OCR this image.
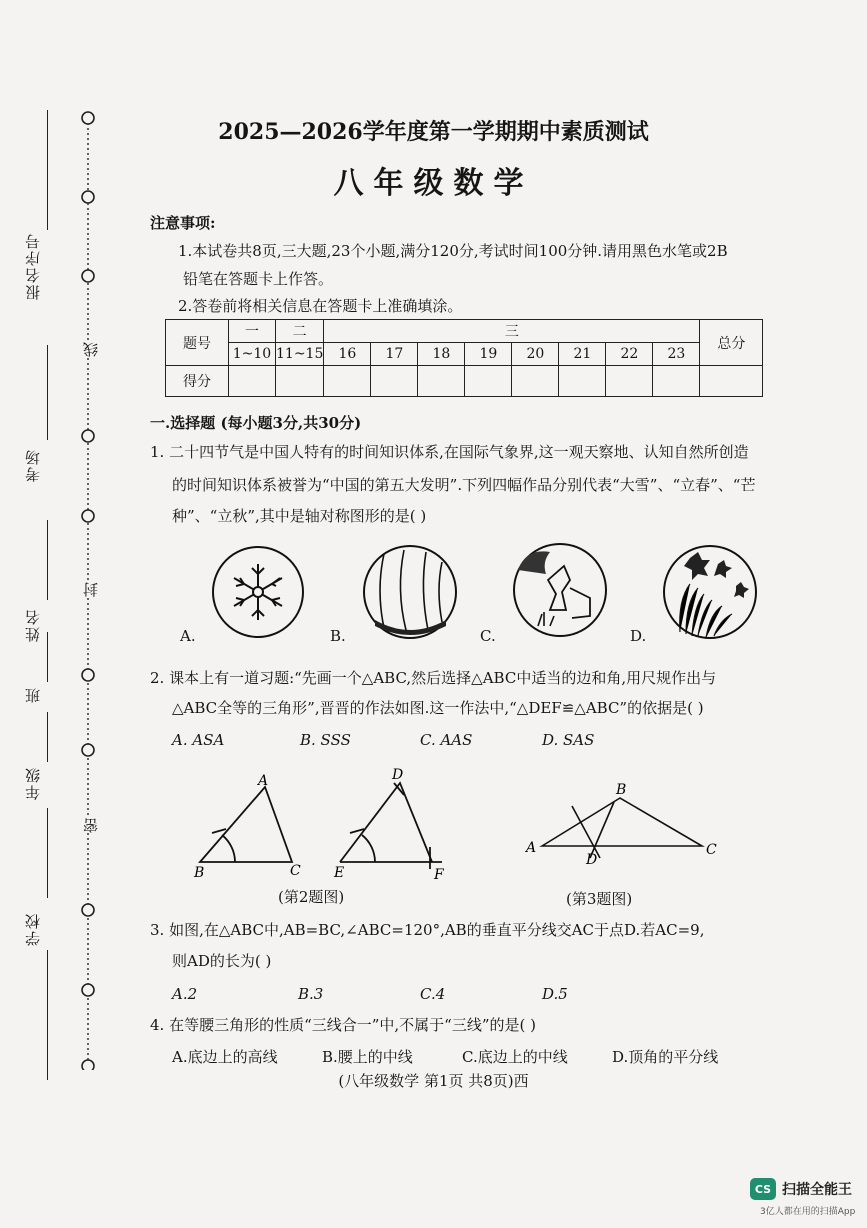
报名序号
考场
姓名
班
年级
学校
线
封
密
2025—2026学年度第一学期期中素质测试
八年级数学
注意事项:
1.本试卷共8页,三大题,23个小题,满分120分,考试时间100分钟.请用黑色水笔或2B
铅笔在答题卡上作答。
2.答卷前将相关信息在答题卡上准确填涂。
题号	一	二	三								总分
	1~10	11~15	16	17	18	19	20	21	22	23	
得分											
一.选择题 (每小题3分,共30分)
1. 二十四节气是中国人特有的时间知识体系,在国际气象界,这一观天察地、认知自然所创造
的时间知识体系被誉为“中国的第五大发明”.下列四幅作品分别代表“大雪”、“立春”、“芒
种”、“立秋”,其中是轴对称图形的是( )
A.	B.	C.	D.
2. 课本上有一道习题:“先画一个△ABC,然后选择△ABC中适当的边和角,用尺规作出与
△ABC全等的三角形”,晋晋的作法如图.这一作法中,“△DEF≌△ABC”的依据是( )
A. ASA	B. SSS	C. AAS	D. SAS
A
B	C
D
E	F
(第2题图)
A
B
C
D
(第3题图)
3. 如图,在△ABC中,AB=BC,∠ABC=120°,AB的垂直平分线交AC于点D.若AC=9,
则AD的长为( )
A.2	B.3	C.4	D.5
4. 在等腰三角形的性质“三线合一”中,不属于“三线”的是( )
A.底边上的高线	B.腰上的中线	C.底边上的中线	D.顶角的平分线
(八年级数学 第1页 共8页)西
CS 扫描全能王
3亿人都在用的扫描App
